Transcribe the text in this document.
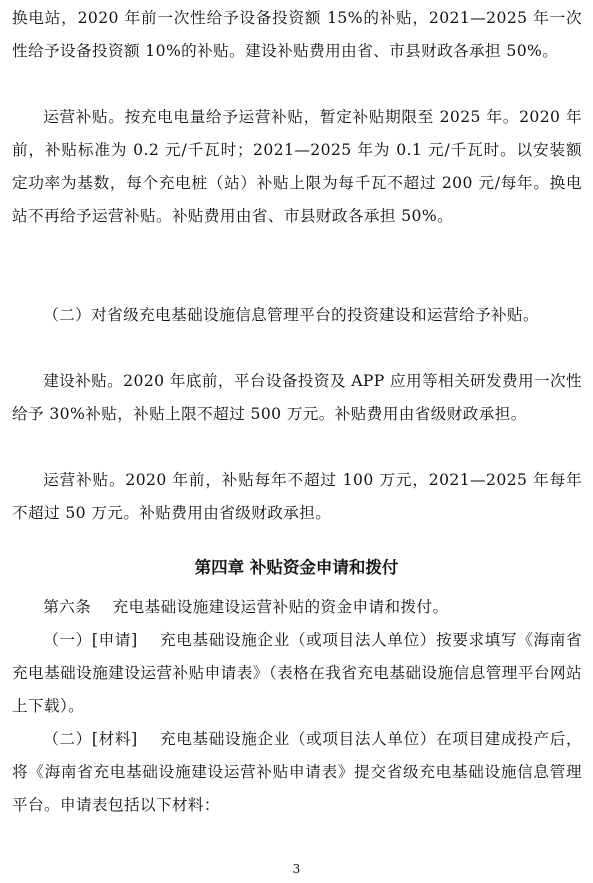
换电站，2020 年前一次性给予设备投资额 15%的补贴，2021—2025 年一次性给予设备投资额 10%的补贴。建设补贴费用由省、市县财政各承担 50%。

运营补贴。按充电电量给予运营补贴，暂定补贴期限至 2025 年。2020 年前，补贴标准为 0.2 元/千瓦时；2021—2025 年为 0.1 元/千瓦时。以安装额定功率为基数，每个充电桩（站）补贴上限为每千瓦不超过 200 元/每年。换电站不再给予运营补贴。补贴费用由省、市县财政各承担 50%。

（二）对省级充电基础设施信息管理平台的投资建设和运营给予补贴。

建设补贴。2020 年底前，平台设备投资及 APP 应用等相关研发费用一次性给予 30%补贴，补贴上限不超过 500 万元。补贴费用由省级财政承担。

运营补贴。2020 年前，补贴每年不超过 100 万元，2021—2025 年每年不超过 50 万元。补贴费用由省级财政承担。

第四章 补贴资金申请和拨付

第六条    充电基础设施建设运营补贴的资金申请和拨付。

（一）[申请]    充电基础设施企业（或项目法人单位）按要求填写《海南省充电基础设施建设运营补贴申请表》（表格在我省充电基础设施信息管理平台网站上下载）。

（二）[材料]    充电基础设施企业（或项目法人单位）在项目建成投产后，将《海南省充电基础设施建设运营补贴申请表》提交省级充电基础设施信息管理平台。申请表包括以下材料：

3
